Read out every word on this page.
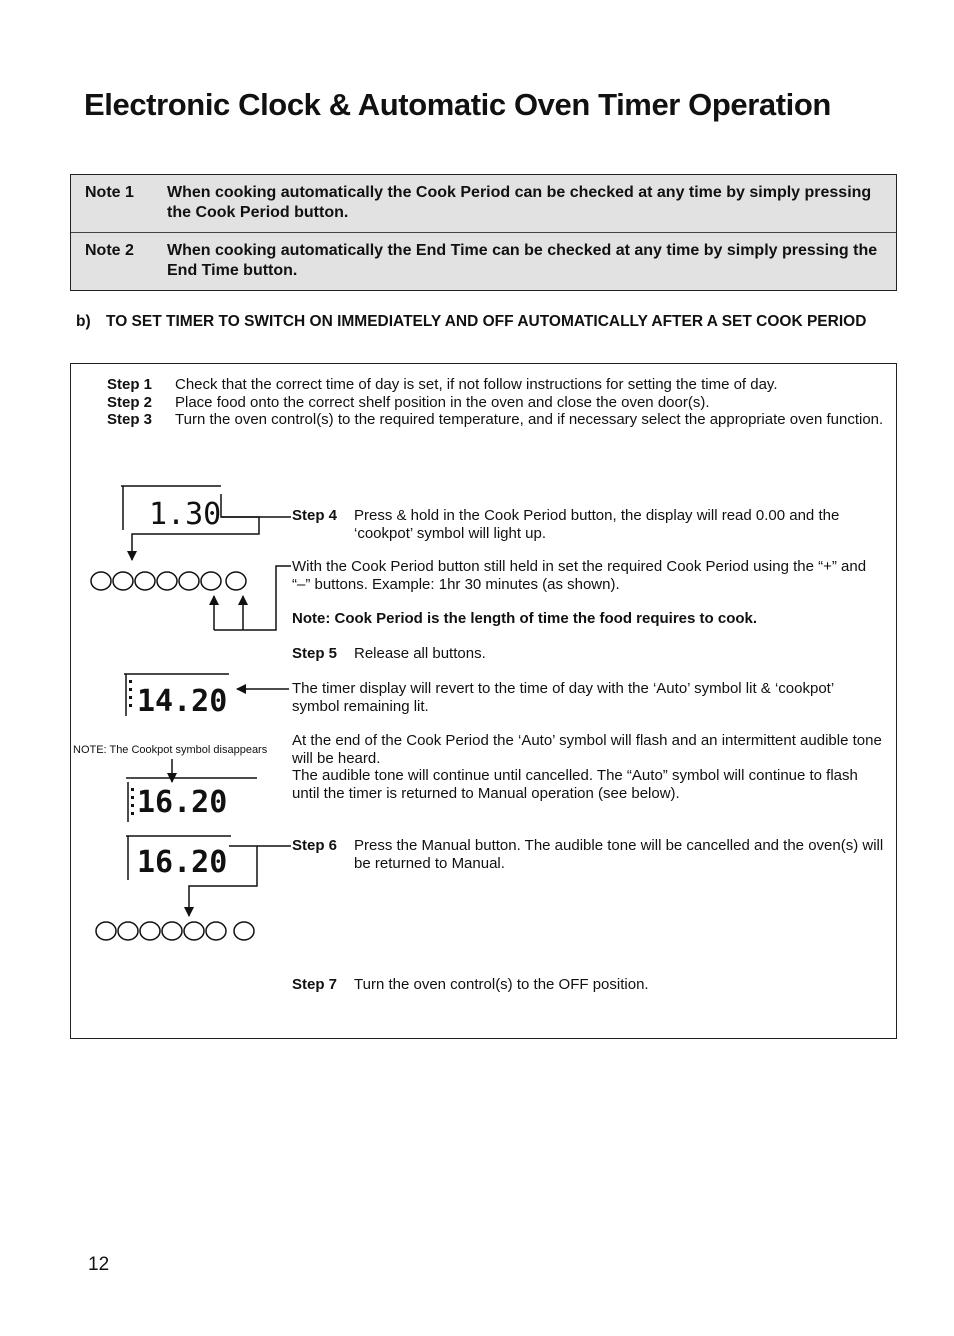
Electronic Clock & Automatic Oven Timer Operation
Note 1	When cooking automatically the Cook Period can be checked at any time by simply pressing the Cook Period button.
Note 2	When cooking automatically the End Time can be checked at any time by simply pressing the End Time button.
b) TO SET TIMER TO SWITCH ON IMMEDIATELY AND OFF AUTOMATICALLY AFTER A SET COOK PERIOD
Step 1	Check that the correct time of day is set, if not follow instructions for setting the time of day.
Step 2	Place food onto the correct shelf position in the oven and close the oven door(s).
Step 3	Turn the oven control(s) to the required temperature, and if necessary select the appropriate oven function.
1.30
14.20
16.20
16.20
NOTE: The Cookpot symbol disappears
Step 4	Press & hold in the Cook Period button, the display will read 0.00 and the ‘cookpot’ symbol will light up.
With the Cook Period button still held in set the required Cook Period using the “+” and “–” buttons. Example: 1hr 30 minutes (as shown).
Note: Cook Period is the length of time the food requires to cook.
Step 5	Release all buttons.
The timer display will revert to the time of day with the ‘Auto’ symbol lit & ‘cookpot’ symbol remaining lit.
At the end of the Cook Period the ‘Auto’ symbol will flash and an intermittent audible tone will be heard.
The audible tone will continue until cancelled. The “Auto” symbol will continue to flash until the timer is returned to Manual operation (see below).
Step 6	Press the Manual button. The audible tone will be cancelled and the oven(s) will be returned to Manual.
Step 7	Turn the oven control(s) to the OFF position.
12
